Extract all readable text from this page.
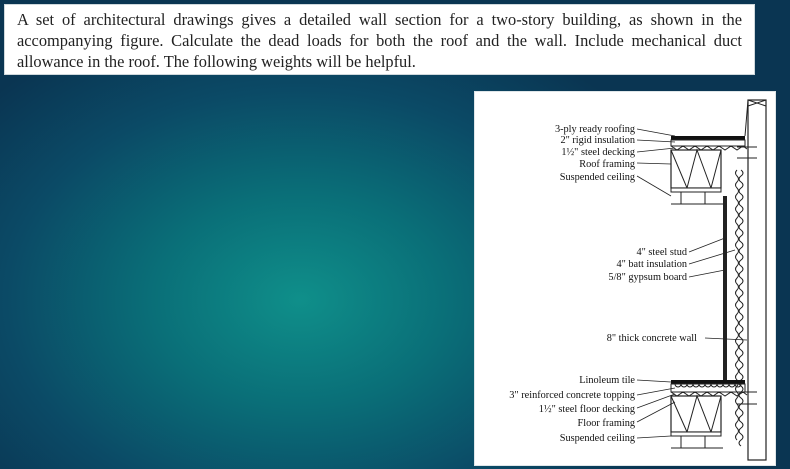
A set of architectural drawings gives a detailed wall section for a two-story building, as shown in the accompanying figure. Calculate the dead loads for both the roof and the wall. Include mechanical duct allowance in the roof. The following weights will be helpful.

3-ply ready roofing
2" rigid insulation
1½" steel decking
Roof framing
Suspended ceiling
4" steel stud
4" batt insulation
5/8" gypsum board
8" thick concrete wall
Linoleum tile
3" reinforced concrete topping
1½" steel floor decking
Floor framing
Suspended ceiling
